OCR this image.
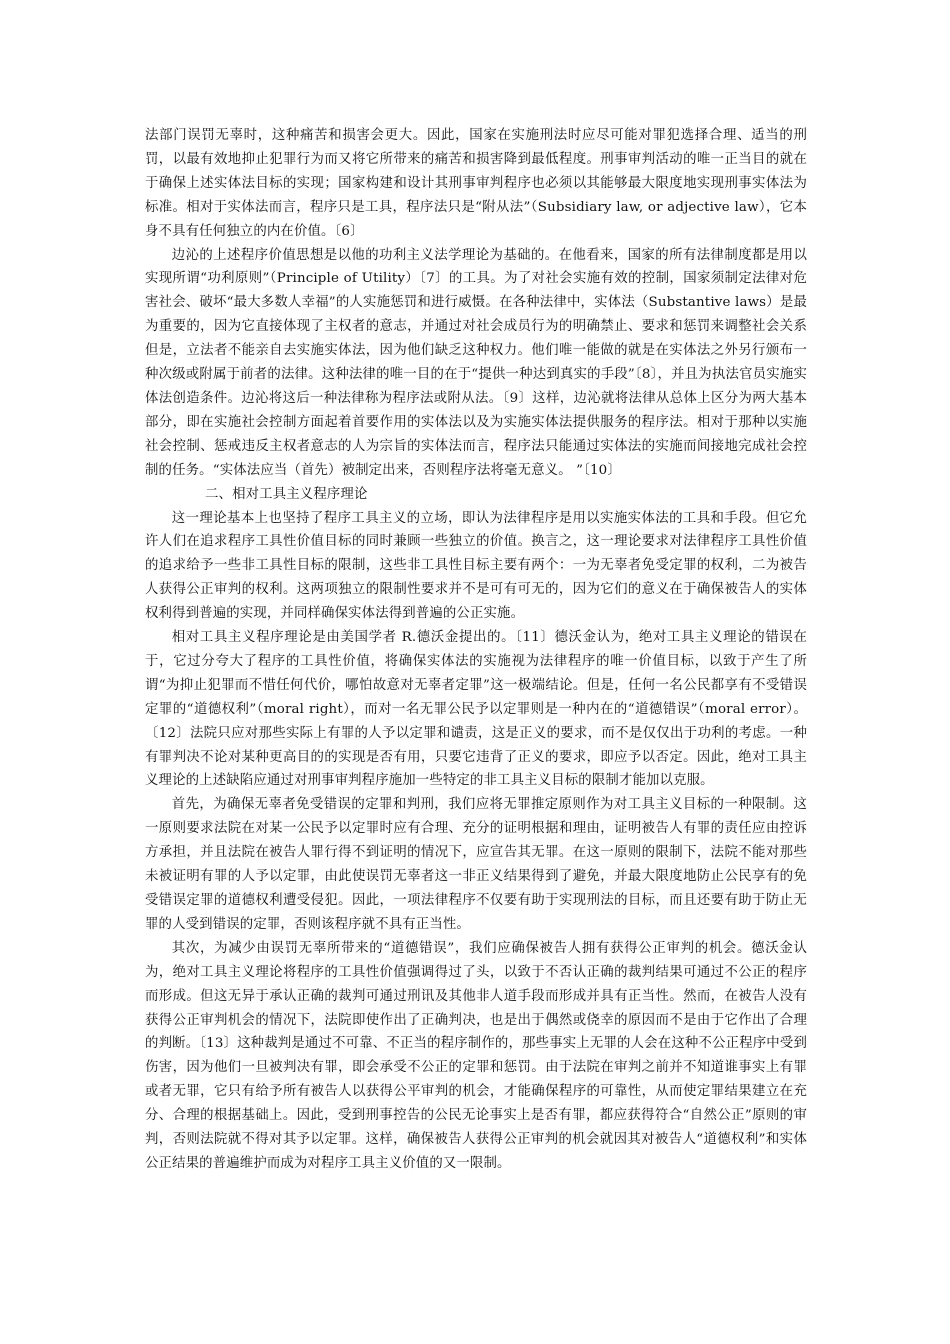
法部门误罚无辜时，这种痛苦和损害会更大。因此，国家在实施刑法时应尽可能对罪犯选择合理、适当的刑罚，以最有效地抑止犯罪行为而又将它所带来的痛苦和损害降到最低程度。刑事审判活动的唯一正当目的就在于确保上述实体法目标的实现；国家构建和设计其刑事审判程序也必须以其能够最大限度地实现刑事实体法为标准。相对于实体法而言，程序只是工具，程序法只是“附从法”（Subsidiary law, or adjective law），它本身不具有任何独立的内在价值。〔6〕

边沁的上述程序价值思想是以他的功利主义法学理论为基础的。在他看来，国家的所有法律制度都是用以实现所谓“功利原则”（Principle of Utility）〔7〕的工具。为了对社会实施有效的控制，国家须制定法律对危害社会、破坏“最大多数人幸福”的人实施惩罚和进行威慑。在各种法律中，实体法（Substantive laws）是最为重要的，因为它直接体现了主权者的意志，并通过对社会成员行为的明确禁止、要求和惩罚来调整社会关系但是，立法者不能亲自去实施实体法，因为他们缺乏这种权力。他们唯一能做的就是在实体法之外另行颁布一种次级或附属于前者的法律。这种法律的唯一目的在于“提供一种达到真实的手段”〔8〕，并且为执法官员实施实体法创造条件。边沁将这后一种法律称为程序法或附从法。〔9〕这样，边沁就将法律从总体上区分为两大基本部分，即在实施社会控制方面起着首要作用的实体法以及为实施实体法提供服务的程序法。相对于那种以实施社会控制、惩戒违反主权者意志的人为宗旨的实体法而言，程序法只能通过实体法的实施而间接地完成社会控制的任务。“实体法应当（首先）被制定出来，否则程序法将毫无意义。 ”〔10〕

二、相对工具主义程序理论

这一理论基本上也坚持了程序工具主义的立场，即认为法律程序是用以实施实体法的工具和手段。但它允许人们在追求程序工具性价值目标的同时兼顾一些独立的价值。换言之，这一理论要求对法律程序工具性价值的追求给予一些非工具性目标的限制，这些非工具性目标主要有两个：一为无辜者免受定罪的权利，二为被告人获得公正审判的权利。这两项独立的限制性要求并不是可有可无的，因为它们的意义在于确保被告人的实体权利得到普遍的实现，并同样确保实体法得到普遍的公正实施。

相对工具主义程序理论是由美国学者 R.德沃金提出的。〔11〕德沃金认为，绝对工具主义理论的错误在于，它过分夸大了程序的工具性价值，将确保实体法的实施视为法律程序的唯一价值目标，以致于产生了所谓“为抑止犯罪而不惜任何代价，哪怕故意对无辜者定罪”这一极端结论。但是，任何一名公民都享有不受错误定罪的“道德权利”（moral right），而对一名无罪公民予以定罪则是一种内在的“道德错误”（moral error）。〔12〕法院只应对那些实际上有罪的人予以定罪和谴责，这是正义的要求，而不是仅仅出于功利的考虑。一种有罪判决不论对某种更高目的的实现是否有用，只要它违背了正义的要求，即应予以否定。因此，绝对工具主义理论的上述缺陷应通过对刑事审判程序施加一些特定的非工具主义目标的限制才能加以克服。

首先，为确保无辜者免受错误的定罪和判刑，我们应将无罪推定原则作为对工具主义目标的一种限制。这一原则要求法院在对某一公民予以定罪时应有合理、充分的证明根据和理由，证明被告人有罪的责任应由控诉方承担，并且法院在被告人罪行得不到证明的情况下，应宣告其无罪。在这一原则的限制下，法院不能对那些未被证明有罪的人予以定罪，由此使误罚无辜者这一非正义结果得到了避免，并最大限度地防止公民享有的免受错误定罪的道德权利遭受侵犯。因此，一项法律程序不仅要有助于实现刑法的目标，而且还要有助于防止无罪的人受到错误的定罪，否则该程序就不具有正当性。

其次，为减少由误罚无辜所带来的“道德错误”，我们应确保被告人拥有获得公正审判的机会。德沃金认为，绝对工具主义理论将程序的工具性价值强调得过了头，以致于不否认正确的裁判结果可通过不公正的程序而形成。但这无异于承认正确的裁判可通过刑讯及其他非人道手段而形成并具有正当性。然而，在被告人没有获得公正审判机会的情况下，法院即使作出了正确判决，也是出于偶然或侥幸的原因而不是由于它作出了合理的判断。〔13〕这种裁判是通过不可靠、不正当的程序制作的，那些事实上无罪的人会在这种不公正程序中受到伤害，因为他们一旦被判决有罪，即会承受不公正的定罪和惩罚。由于法院在审判之前并不知道谁事实上有罪或者无罪，它只有给予所有被告人以获得公平审判的机会，才能确保程序的可靠性，从而使定罪结果建立在充分、合理的根据基础上。因此，受到刑事控告的公民无论事实上是否有罪，都应获得符合“自然公正”原则的审判，否则法院就不得对其予以定罪。这样，确保被告人获得公正审判的机会就因其对被告人“道德权利”和实体公正结果的普遍维护而成为对程序工具主义价值的又一限制。
